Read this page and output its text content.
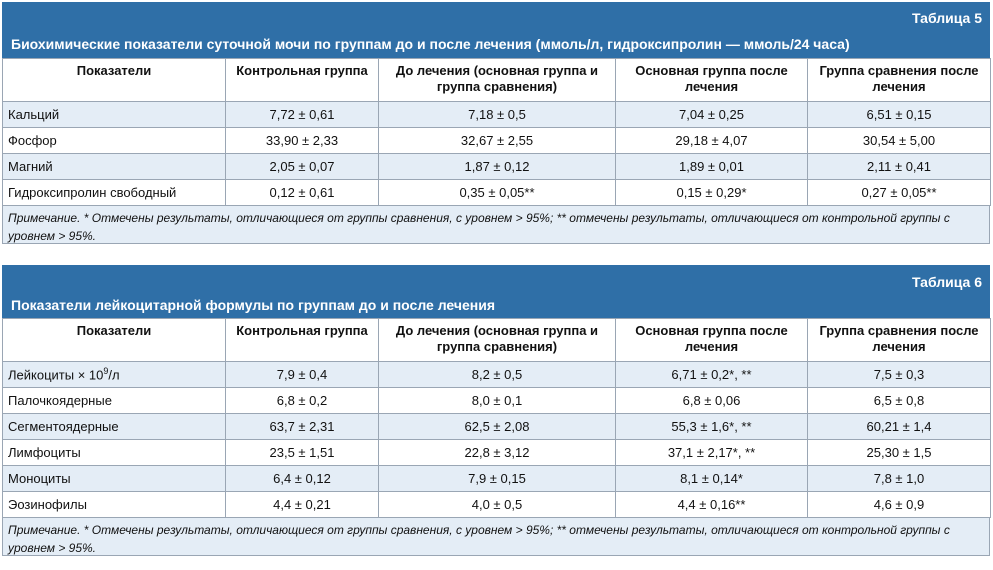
Таблица 5
Биохимические показатели суточной мочи по группам до и после лечения (ммоль/л, гидроксипролин — ммоль/24 часа)
Показатели	Контрольная группа	До лечения (основная группа и группа сравнения)	Основная группа после лечения	Группа сравнения после лечения
Кальций	7,72 ± 0,61	7,18 ± 0,5	7,04 ± 0,25	6,51 ± 0,15
Фосфор	33,90 ± 2,33	32,67 ± 2,55	29,18 ± 4,07	30,54 ± 5,00
Магний	2,05 ± 0,07	1,87 ± 0,12	1,89 ± 0,01	2,11 ± 0,41
Гидроксипролин свободный	0,12 ± 0,61	0,35 ± 0,05**	0,15 ± 0,29*	0,27 ± 0,05**
Примечание. * Отмечены результаты, отличающиеся от группы сравнения, с уровнем > 95%; ** отмечены результаты, отличающиеся от контрольной группы с уровнем > 95%.
Таблица 6
Показатели лейкоцитарной формулы по группам до и после лечения
Показатели	Контрольная группа	До лечения (основная группа и группа сравнения)	Основная группа после лечения	Группа сравнения после лечения
Лейкоциты × $10^9/л$	7,9 ± 0,4	8,2 ± 0,5	6,71 ± 0,2*, **	7,5 ± 0,3
Палочкоядерные	6,8 ± 0,2	8,0 ± 0,1	6,8 ± 0,06	6,5 ± 0,8
Сегментоядерные	63,7 ± 2,31	62,5 ± 2,08	55,3 ± 1,6*, **	60,21 ± 1,4
Лимфоциты	23,5 ± 1,51	22,8 ± 3,12	37,1 ± 2,17*, **	25,30 ± 1,5
Моноциты	6,4 ± 0,12	7,9 ± 0,15	8,1 ± 0,14*	7,8 ± 1,0
Эозинофилы	4,4 ± 0,21	4,0 ± 0,5	4,4 ± 0,16**	4,6 ± 0,9
Примечание. * Отмечены результаты, отличающиеся от группы сравнения, с уровнем > 95%; ** отмечены результаты, отличающиеся от контрольной группы с уровнем > 95%.
